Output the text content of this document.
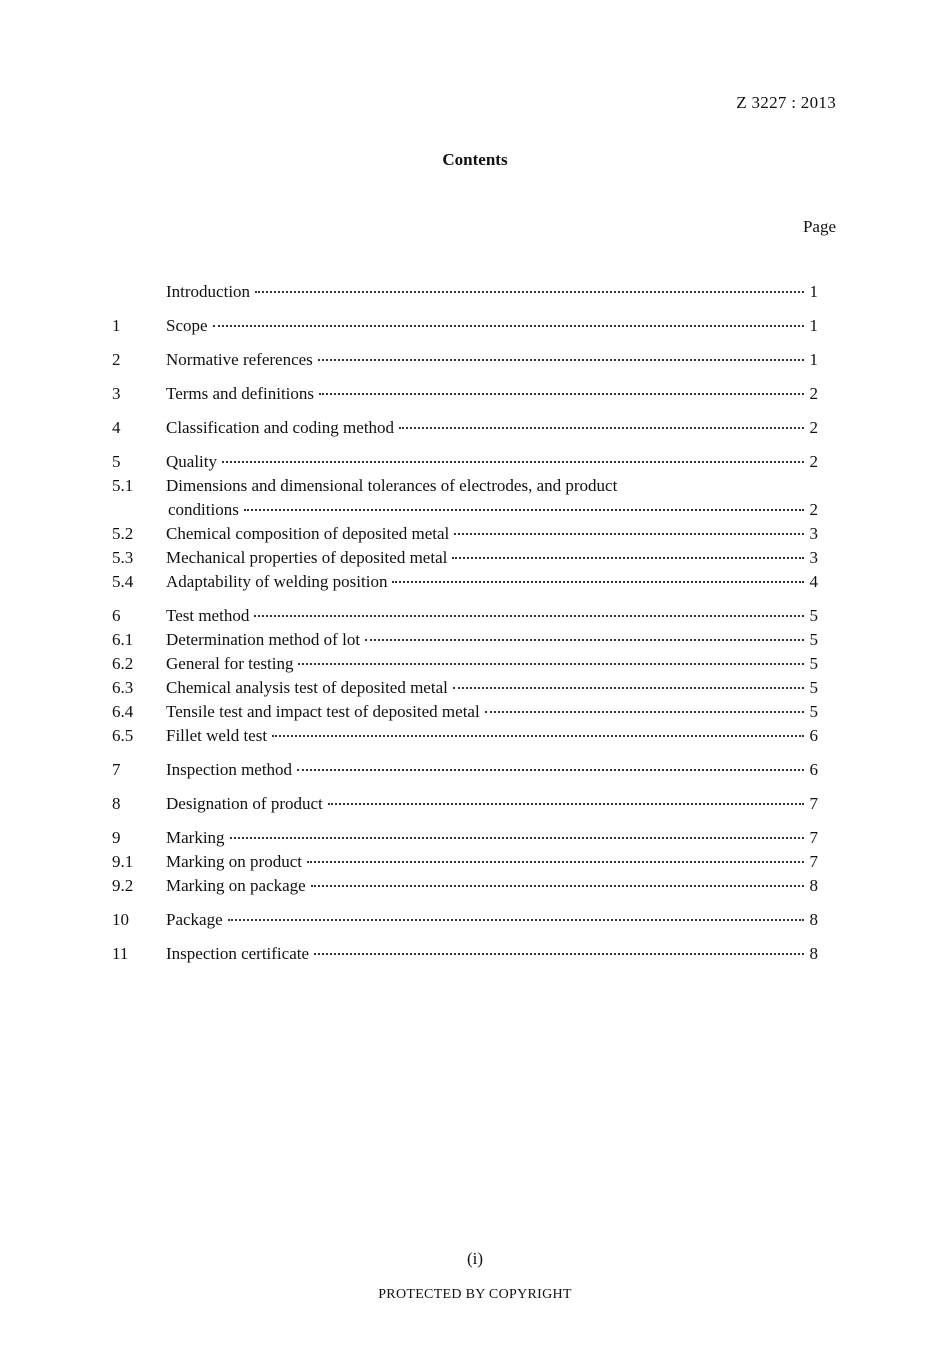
Z 3227 : 2013
Contents
Page
Introduction	1
1	Scope	1
2	Normative references	1
3	Terms and definitions	2
4	Classification and coding method	2
5	Quality	2
5.1	Dimensions and dimensional tolerances of electrodes, and product
conditions	2
5.2	Chemical composition of deposited metal	3
5.3	Mechanical properties of deposited metal	3
5.4	Adaptability of welding position	4
6	Test method	5
6.1	Determination method of lot	5
6.2	General for testing	5
6.3	Chemical analysis test of deposited metal	5
6.4	Tensile test and impact test of deposited metal	5
6.5	Fillet weld test	6
7	Inspection method	6
8	Designation of product	7
9	Marking	7
9.1	Marking on product	7
9.2	Marking on package	8
10	Package	8
11	Inspection certificate	8
(i)
PROTECTED BY COPYRIGHT
